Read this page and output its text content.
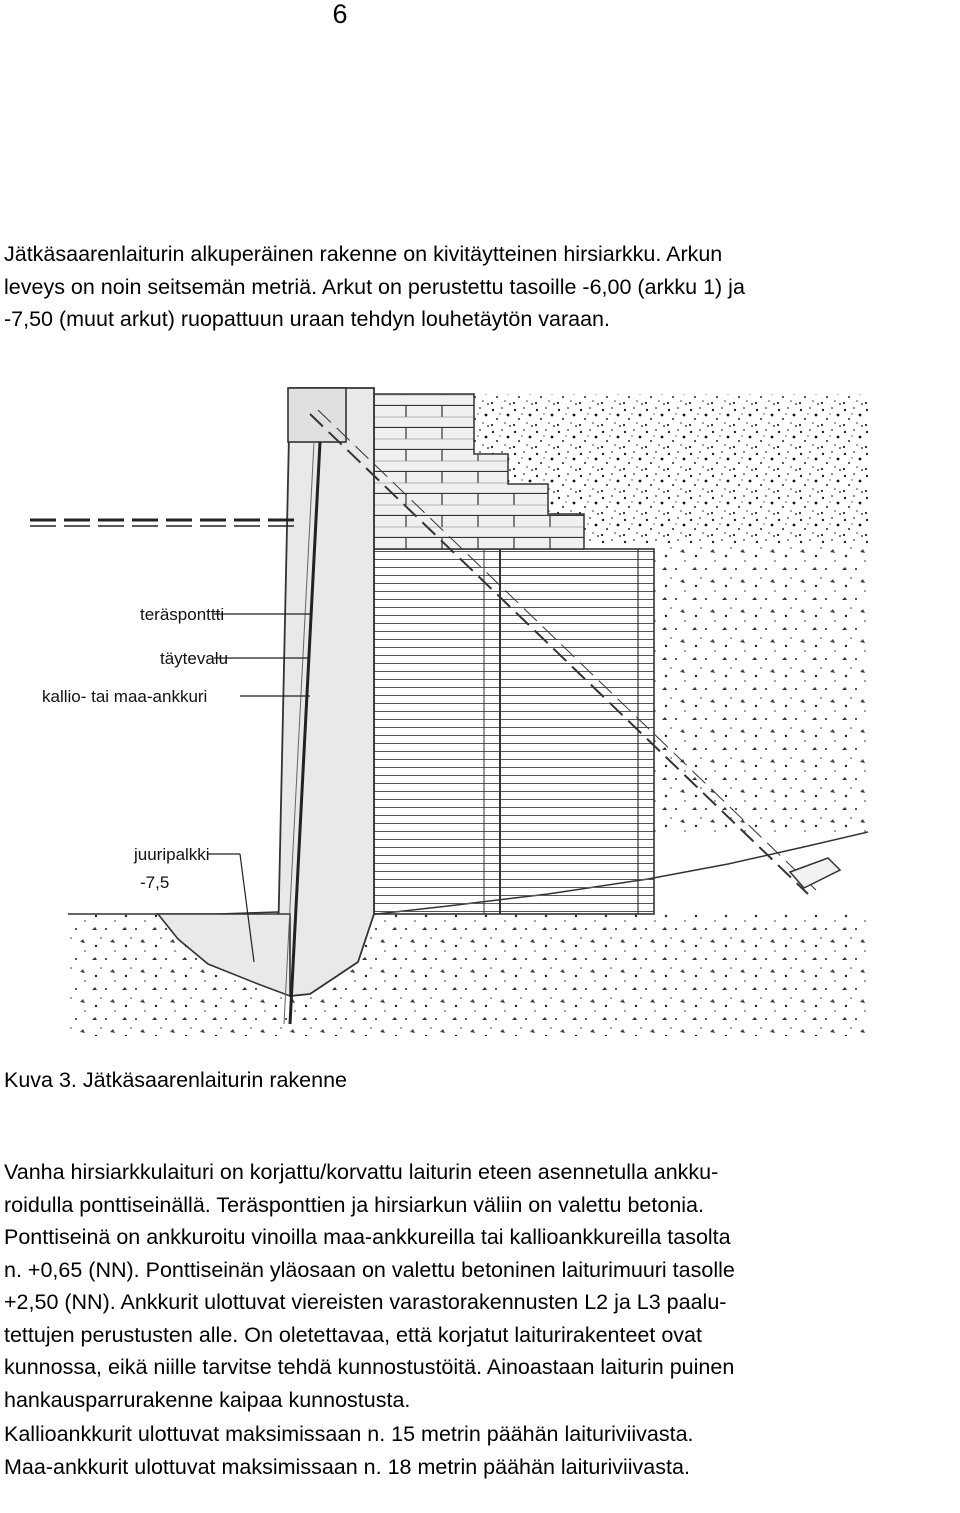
6

Jätkäsaarenlaiturin alkuperäinen rakenne on kivitäytteinen hirsiarkku. Arkun
leveys on noin seitsemän metriä. Arkut on perustettu tasoille -6,00 (arkku 1) ja
-7,50 (muut arkut) ruopattuun uraan tehdyn louhetäytön varaan.

teräsponttti
täytevalu
kallio- tai maa-ankkuri
juuripalkki
-7,5

Kuva 3. Jätkäsaarenlaiturin rakenne

Vanha hirsiarkkulaituri on korjattu/korvattu laiturin eteen asennetulla ankku-
roidulla ponttiseinällä. Teräsponttien ja hirsiarkun väliin on valettu betonia.
Ponttiseinä on ankkuroitu vinoilla maa-ankkureilla tai kallioankkureilla tasolta
n. +0,65 (NN). Ponttiseinän yläosaan on valettu betoninen laiturimuuri tasolle
+2,50 (NN). Ankkurit ulottuvat viereisten varastorakennusten L2 ja L3 paalu-
tettujen perustusten alle. On oletettavaa, että korjatut laiturirakenteet ovat
kunnossa, eikä niille tarvitse tehdä kunnostustöitä. Ainoastaan laiturin puinen
hankausparrurakenne kaipaa kunnostusta.

Kallioankkurit ulottuvat maksimissaan n. 15 metrin päähän laituriviivasta.
Maa-ankkurit ulottuvat maksimissaan n. 18 metrin päähän laituriviivasta.
